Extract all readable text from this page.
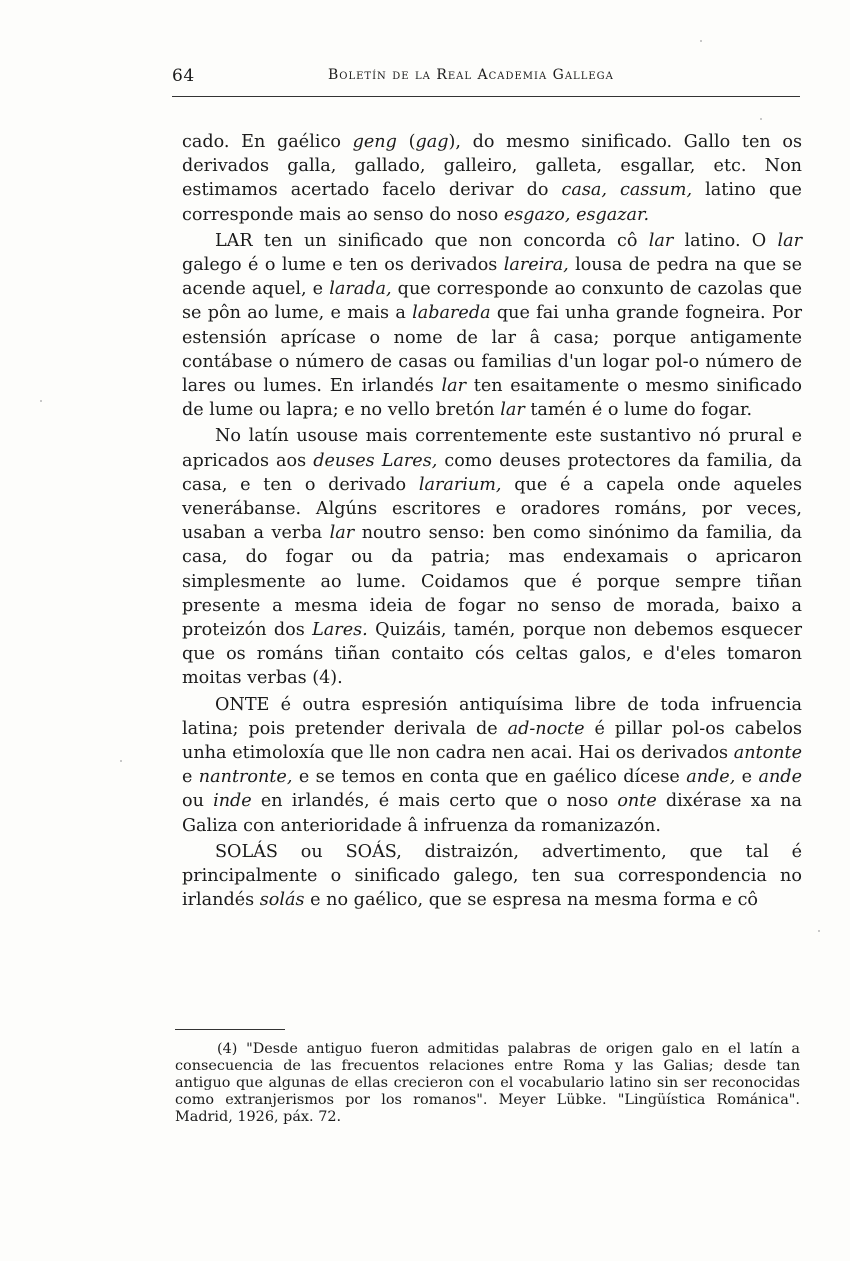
64	Boletín de la Real Academia Gallega

cado. En gaélico geng (gag), do mesmo sinificado. Gallo ten os derivados galla, gallado, galleiro, galleta, esgallar, etc. Non estimamos acertado facelo derivar do casa, cassum, latino que corresponde mais ao senso do noso esgazo, esgazar.

LAR ten un sinificado que non concorda cô lar latino. O lar galego é o lume e ten os derivados lareira, lousa de pedra na que se acende aquel, e larada, que corresponde ao conxunto de cazolas que se pôn ao lume, e mais a labareda que fai unha grande fogneira. Por estensión aprícase o nome de lar â casa; porque antigamente contábase o número de casas ou familias d'un logar pol-o número de lares ou lumes. En irlandés lar ten esaitamente o mesmo sinificado de lume ou lapra; e no vello bretón lar tamén é o lume do fogar.

No latín usouse mais correntemente este sustantivo nó prural e apricados aos deuses Lares, como deuses protectores da familia, da casa, e ten o derivado lararium, que é a capela onde aqueles venerábanse. Algúns escritores e oradores románs, por veces, usaban a verba lar noutro senso: ben como sinónimo da familia, da casa, do fogar ou da patria; mas endexamais o apricaron simplesmente ao lume. Coidamos que é porque sempre tiñan presente a mesma ideia de fogar no senso de morada, baixo a proteizón dos Lares. Quizáis, tamén, porque non debemos esquecer que os románs tiñan contaito cós celtas galos, e d'eles tomaron moitas verbas (4).

ONTE é outra espresión antiquísima libre de toda infruencia latina; pois pretender derivala de ad-nocte é pillar pol-os cabelos unha etimoloxía que lle non cadra nen acai. Hai os derivados antonte e nantronte, e se temos en conta que en gaélico dícese ande, e ande ou inde en irlandés, é mais certo que o noso onte dixérase xa na Galiza con anterioridade â infruenza da romanizazón.

SOLÁS ou SOÁS, distraizón, advertimento, que tal é principalmente o sinificado galego, ten sua correspondencia no irlandés solás e no gaélico, que se espresa na mesma forma e cô

(4) "Desde antiguo fueron admitidas palabras de origen galo en el latín a consecuencia de las frecuentos relaciones entre Roma y las Galias; desde tan antiguo que algunas de ellas crecieron con el vocabulario latino sin ser reconocidas como extranjerismos por los romanos". Meyer Lübke. "Lingüística Románica". Madrid, 1926, páx. 72.
